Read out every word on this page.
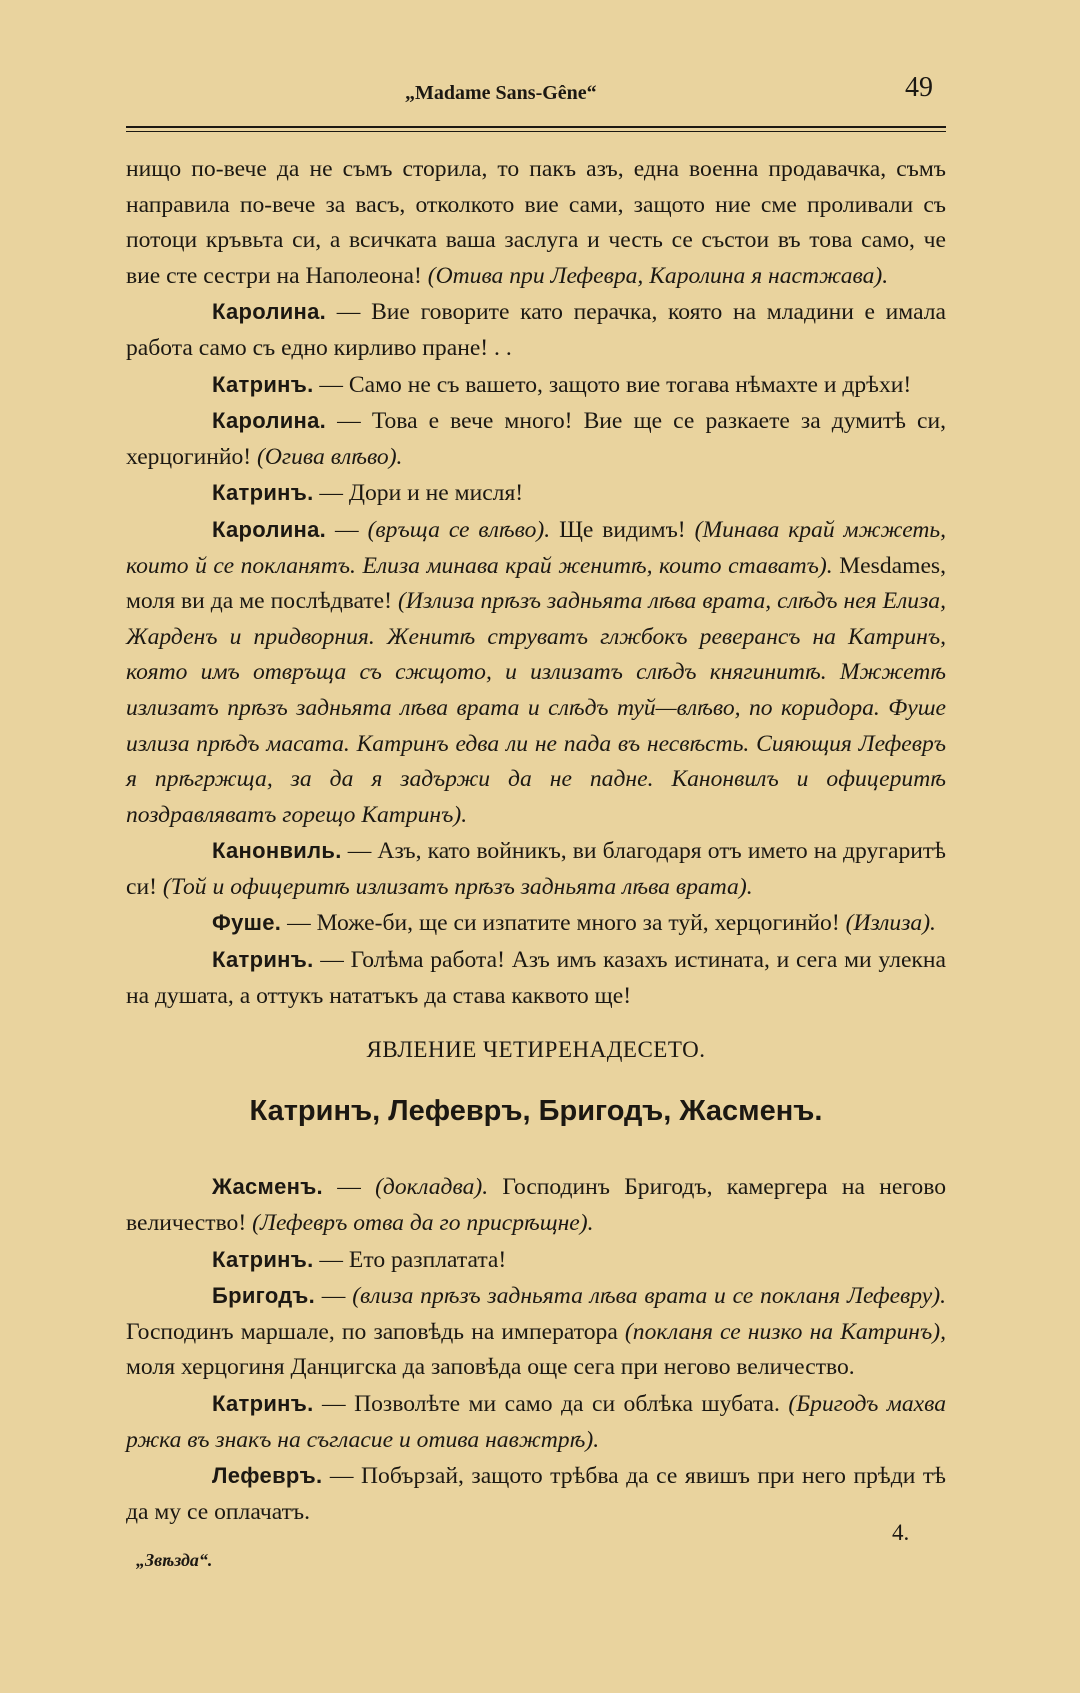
„Madame Sans-Gêne“	49

нищо по-вече да не съмъ сторила, то пакъ азъ, една военна продавачка, съмъ направила по-вече за васъ, отколкото вие сами, защото ние сме проливали съ потоци кръвьта си, а всичката ваша заслуга и честь се състои въ това само, че вие сте сестри на Наполеона! (Отива при Лефевра, Каролина я настжава).

Каролина. — Вие говорите като перачка, която на младини е имала работа само съ едно кирливо пране! . .

Катринъ. — Само не съ вашето, защото вие тогава нѣмахте и дрѣхи!

Каролина. — Това е вече много! Вие ще се разкаете за думитѣ си, херцогинйо! (Огива влѣво).

Катринъ. — Дори и не мисля!

Каролина. — (връща се влѣво). Ще видимъ! (Минава край мжжеть, които й се покланятъ. Елиза минава край женитѣ, които ставатъ). Mesdames, моля ви да ме послѣдвате! (Излиза прѣзъ задньята лѣва врата, слѣдъ нея Елиза, Жарденъ и придворния. Женитѣ струватъ глжбокъ реверансъ на Катринъ, която имъ отвръща съ сжщото, и излизатъ слѣдъ княгинитѣ. Мжжетѣ излизатъ прѣзъ задньята лѣва врата и слѣдъ туй—влѣво, по коридора. Фуше излиза прѣдъ масата. Катринъ едва ли не пада въ несвѣсть. Сияющия Лефевръ я прѣгржща, за да я задържи да не падне. Канонвилъ и офицеритѣ поздравляватъ горещо Катринъ).

Канонвиль. — Азъ, като войникъ, ви благодаря отъ името на другаритѣ си! (Той и офицеритѣ излизатъ прѣзъ задньята лѣва врата).

Фуше. — Може-би, ще си изпатите много за туй, херцогинйо! (Излиза).

Катринъ. — Голѣма работа! Азъ имъ казахъ истината, и сега ми улекна на душата, а оттукъ нататъкъ да става каквото ще!

ЯВЛЕНИЕ ЧЕТИРЕНАДЕСЕТО.

Катринъ, Лефевръ, Бригодъ, Жасменъ.

Жасменъ. — (докладва). Господинъ Бригодъ, камергера на негово величество! (Лефевръ отва да го присрѣщне).

Катринъ. — Ето разплатата!

Бригодъ. — (влиза прѣзъ задньята лѣва врата и се покланя Лефевру). Господинъ маршале, по заповѣдь на императора (покланя се низко на Катринъ), моля херцогиня Данцигска да заповѣда още сега при негово величество.

Катринъ. — Позволѣте ми само да си облѣка шубата. (Бригодъ махва ржка въ знакъ на съгласие и отива навжтрѣ).

Лефевръ. — Побързай, защото трѣбва да се явишъ при него прѣди тѣ да му се оплачатъ.

„Звѣзда“.
4.
